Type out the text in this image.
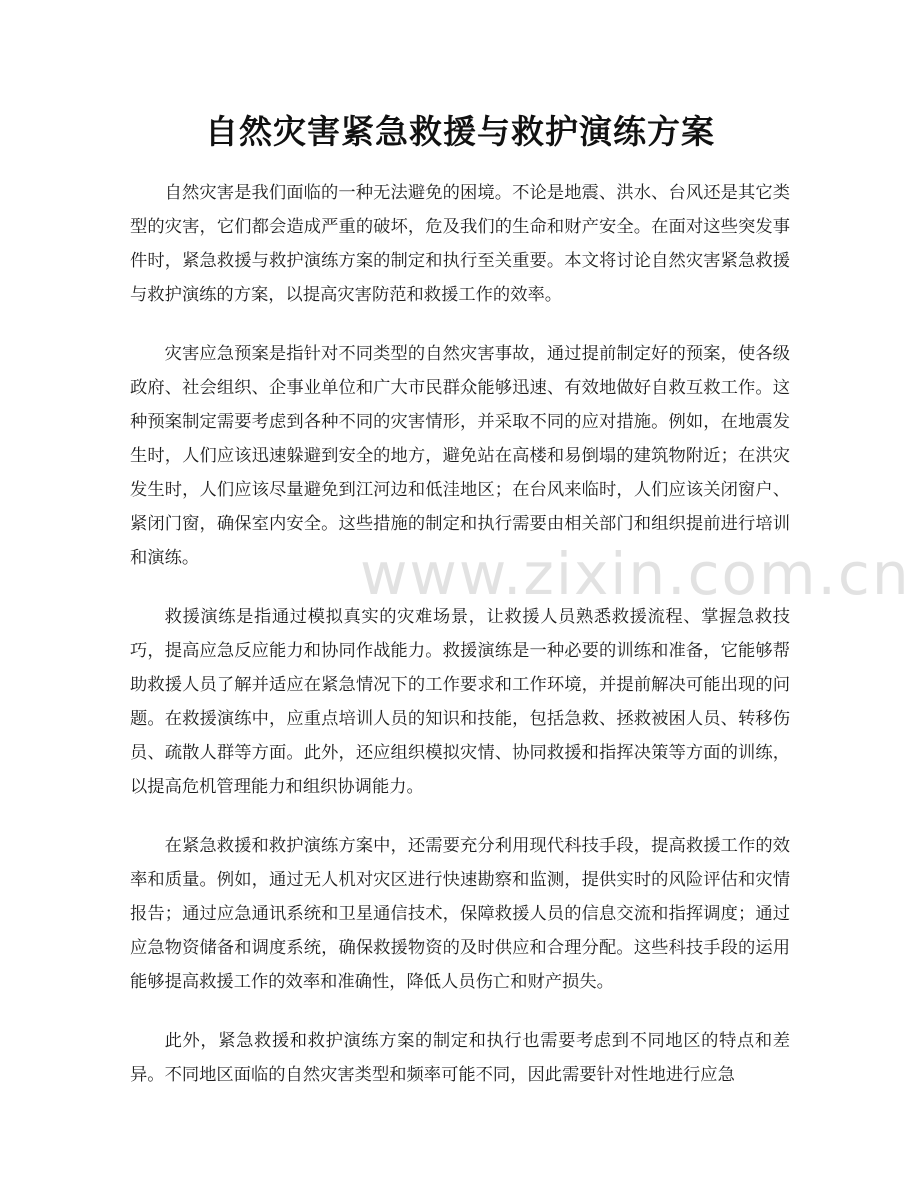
自然灾害紧急救援与救护演练方案

自然灾害是我们面临的一种无法避免的困境。不论是地震、洪水、台风还是其它类型的灾害，它们都会造成严重的破坏，危及我们的生命和财产安全。在面对这些突发事件时，紧急救援与救护演练方案的制定和执行至关重要。本文将讨论自然灾害紧急救援与救护演练的方案，以提高灾害防范和救援工作的效率。

灾害应急预案是指针对不同类型的自然灾害事故，通过提前制定好的预案，使各级政府、社会组织、企事业单位和广大市民群众能够迅速、有效地做好自救互救工作。这种预案制定需要考虑到各种不同的灾害情形，并采取不同的应对措施。例如，在地震发生时，人们应该迅速躲避到安全的地方，避免站在高楼和易倒塌的建筑物附近；在洪灾发生时，人们应该尽量避免到江河边和低洼地区；在台风来临时，人们应该关闭窗户、紧闭门窗，确保室内安全。这些措施的制定和执行需要由相关部门和组织提前进行培训和演练。

救援演练是指通过模拟真实的灾难场景，让救援人员熟悉救援流程、掌握急救技巧，提高应急反应能力和协同作战能力。救援演练是一种必要的训练和准备，它能够帮助救援人员了解并适应在紧急情况下的工作要求和工作环境，并提前解决可能出现的问题。在救援演练中，应重点培训人员的知识和技能，包括急救、拯救被困人员、转移伤员、疏散人群等方面。此外，还应组织模拟灾情、协同救援和指挥决策等方面的训练，以提高危机管理能力和组织协调能力。

在紧急救援和救护演练方案中，还需要充分利用现代科技手段，提高救援工作的效率和质量。例如，通过无人机对灾区进行快速勘察和监测，提供实时的风险评估和灾情报告；通过应急通讯系统和卫星通信技术，保障救援人员的信息交流和指挥调度；通过应急物资储备和调度系统，确保救援物资的及时供应和合理分配。这些科技手段的运用能够提高救援工作的效率和准确性，降低人员伤亡和财产损失。

此外，紧急救援和救护演练方案的制定和执行也需要考虑到不同地区的特点和差异。不同地区面临的自然灾害类型和频率可能不同，因此需要针对性地进行应急

www.zixin.com.cn
